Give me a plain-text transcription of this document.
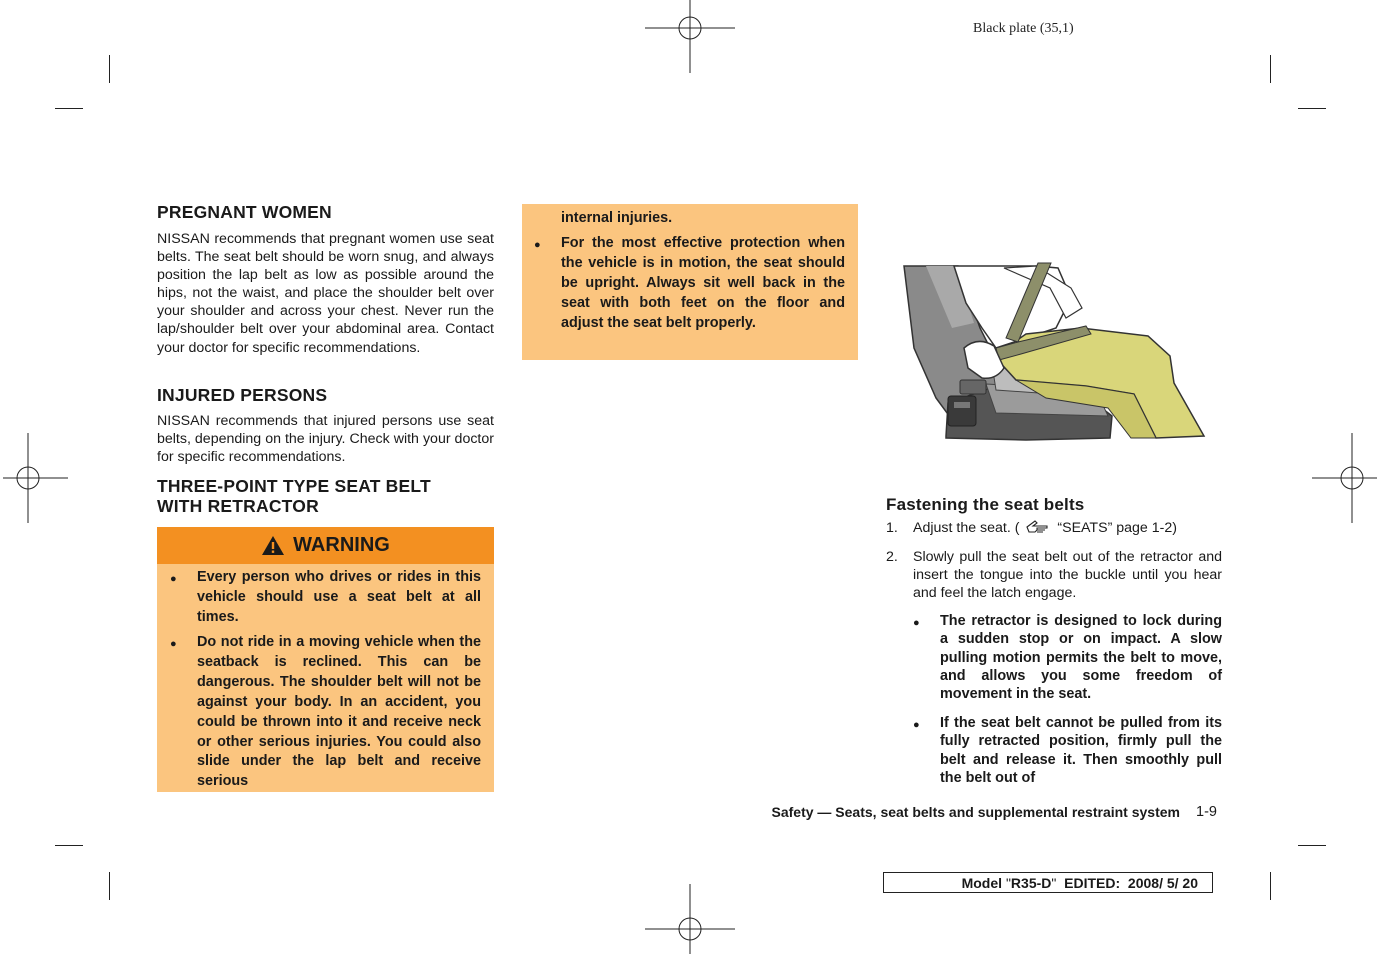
Black plate (35,1)
PREGNANT WOMEN

NISSAN recommends that pregnant women use seat belts. The seat belt should be worn snug, and always position the lap belt as low as possible around the hips, not the waist, and place the shoulder belt over your shoulder and across your chest. Never run the lap/shoulder belt over your abdominal area. Contact your doctor for specific recommendations.

INJURED PERSONS

NISSAN recommends that injured persons use seat belts, depending on the injury. Check with your doctor for specific recommendations.

THREE-POINT TYPE SEAT BELT
WITH RETRACTOR
WARNING
● Every person who drives or rides in this vehicle should use a seat belt at all times.
● Do not ride in a moving vehicle when the seatback is reclined. This can be dangerous. The shoulder belt will not be against your body. In an accident, you could be thrown into it and receive neck or other serious injuries. You could also slide under the lap belt and receive serious
internal injuries.
● For the most effective protection when the vehicle is in motion, the seat should be upright. Always sit well back in the seat with both feet on the floor and adjust the seat belt properly.
Fastening the seat belts
1. Adjust the seat. (	“SEATS” page 1-2)
2. Slowly pull the seat belt out of the retractor and insert the tongue into the buckle until you hear and feel the latch engage.

● The retractor is designed to lock during a sudden stop or on impact. A slow pulling motion permits the belt to move, and allows you some freedom of movement in the seat.

● If the seat belt cannot be pulled from its fully retracted position, firmly pull the belt and release it. Then smoothly pull the belt out of

Safety — Seats, seat belts and supplemental restraint system 1-9
Model " R35-D " EDITED:  2008/ 5/ 20
